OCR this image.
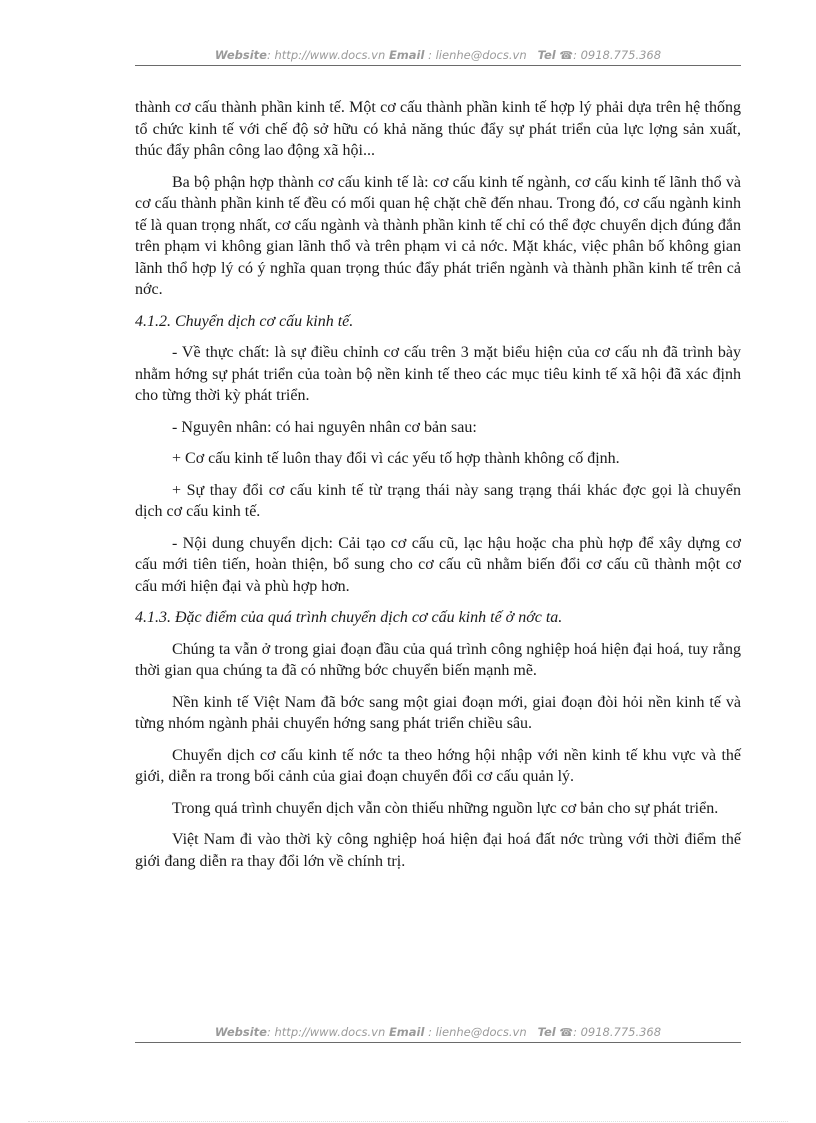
Website: http://www.docs.vn Email : lienhe@docs.vn Tel ☎: 0918.775.368

thành cơ cấu thành phần kinh tế. Một cơ cấu thành phần kinh tế hợp lý phải dựa trên hệ thống tổ chức kinh tế với chế độ sở hữu có khả năng thúc đẩy sự phát triển của lực lợng sản xuất, thúc đẩy phân công lao động xã hội...

Ba bộ phận hợp thành cơ cấu kinh tế là: cơ cấu kinh tế ngành, cơ cấu kinh tế lãnh thổ và cơ cấu thành phần kinh tế đều có mối quan hệ chặt chẽ đến nhau. Trong đó, cơ cấu ngành kinh tế là quan trọng nhất, cơ cấu ngành và thành phần kinh tế chỉ có thể đợc chuyển dịch đúng đắn trên phạm vi không gian lãnh thổ và trên phạm vi cả nớc. Mặt khác, việc phân bố không gian lãnh thổ hợp lý có ý nghĩa quan trọng thúc đẩy phát triển ngành và thành phần kinh tế trên cả nớc.

4.1.2. Chuyển dịch cơ cấu kinh tế.

- Về thực chất: là sự điều chỉnh cơ cấu trên 3 mặt biểu hiện của cơ cấu nh đã trình bày nhằm hớng sự phát triển của toàn bộ nền kinh tế theo các mục tiêu kinh tế xã hội đã xác định cho từng thời kỳ phát triển.

- Nguyên nhân: có hai nguyên nhân cơ bản sau:

+ Cơ cấu kinh tế luôn thay đổi vì các yếu tố hợp thành không cố định.

+ Sự thay đổi cơ cấu kinh tế từ trạng thái này sang trạng thái khác đợc gọi là chuyển dịch cơ cấu kinh tế.

- Nội dung chuyển dịch: Cải tạo cơ cấu cũ, lạc hậu hoặc cha phù hợp để xây dựng cơ cấu mới tiên tiến, hoàn thiện, bổ sung cho cơ cấu cũ nhằm biến đổi cơ cấu cũ thành một cơ cấu mới hiện đại và phù hợp hơn.

4.1.3. Đặc điểm của quá trình chuyển dịch cơ cấu kinh tế ở nớc ta.

Chúng ta vẫn ở trong giai đoạn đầu của quá trình công nghiệp hoá hiện đại hoá, tuy rằng thời gian qua chúng ta đã có những bớc chuyển biến mạnh mẽ.

Nền kinh tế Việt Nam đã bớc sang một giai đoạn mới, giai đoạn đòi hỏi nền kinh tế và từng nhóm ngành phải chuyển hớng sang phát triển chiều sâu.

Chuyển dịch cơ cấu kinh tế nớc ta theo hớng hội nhập với nền kinh tế khu vực và thế giới, diễn ra trong bối cảnh của giai đoạn chuyển đổi cơ cấu quản lý.

Trong quá trình chuyển dịch vẫn còn thiếu những nguồn lực cơ bản cho sự phát triển.

Việt Nam đi vào thời kỳ công nghiệp hoá hiện đại hoá đất nớc trùng với thời điểm thế giới đang diễn ra thay đổi lớn về chính trị.

Website: http://www.docs.vn Email : lienhe@docs.vn Tel ☎: 0918.775.368
